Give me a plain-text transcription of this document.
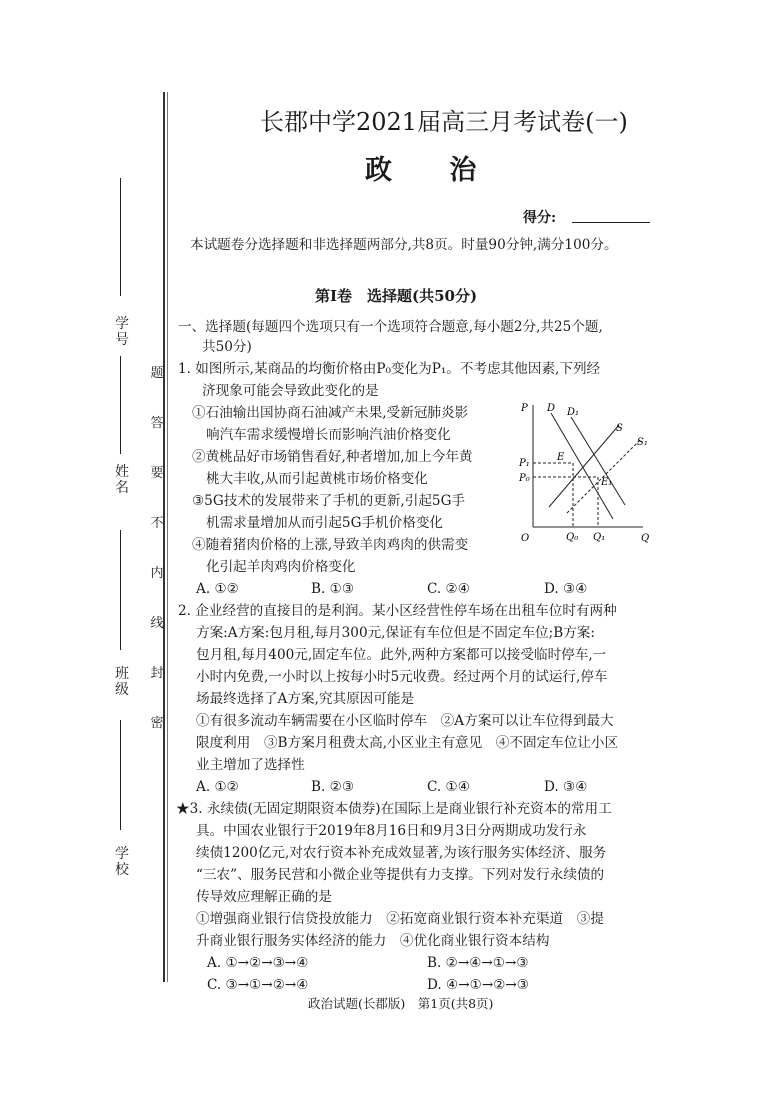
学　号
姓　名
班　级
学　校
题
答
要
不
内
线
封
密
长郡中学2021届高三月考试卷(一)
政 治
得分:
本试题卷分选择题和非选择题两部分,共8页。时量90分钟,满分100分。
第Ⅰ卷　选择题(共50分)
一、选择题(每题四个选项只有一个选项符合题意,每小题2分,共25个题,
共50分)
1. 如图所示,某商品的均衡价格由P₀变化为P₁。不考虑其他因素,下列经
济现象可能会导致此变化的是
①石油输出国协商石油减产未果,受新冠肺炎影
响汽车需求缓慢增长而影响汽油价格变化
②黄桃品好市场销售看好,种者增加,加上今年黄
桃大丰收,从而引起黄桃市场价格变化
③5G技术的发展带来了手机的更新,引起5G手
机需求量增加从而引起5G手机价格变化
④随着猪肉价格的上涨,导致羊肉鸡肉的供需变
化引起羊肉鸡肉价格变化
A. ①②	B. ①③	C. ②④	D. ③④
P
Q
O
D D₁
S
S₁
P₁
P₀
E
E₁
Q₀ Q₁
2. 企业经营的直接目的是利润。某小区经营性停车场在出租车位时有两种
方案:A方案:包月租,每月300元,保证有车位但是不固定车位;B方案:
包月租,每月400元,固定车位。此外,两种方案都可以接受临时停车,一
小时内免费,一小时以上按每小时5元收费。经过两个月的试运行,停车
场最终选择了A方案,究其原因可能是
①有很多流动车辆需要在小区临时停车　②A方案可以让车位得到最大
限度利用　③B方案月租费太高,小区业主有意见　④不固定车位让小区
业主增加了选择性
A. ①②	B. ②③	C. ①④	D. ③④
★3. 永续债(无固定期限资本债券)在国际上是商业银行补充资本的常用工
具。中国农业银行于2019年8月16日和9月3日分两期成功发行永
续债1200亿元,对农行资本补充成效显著,为该行服务实体经济、服务
“三农”、服务民营和小微企业等提供有力支撑。下列对发行永续债的
传导效应理解正确的是
①增强商业银行信贷投放能力　②拓宽商业银行资本补充渠道　③提
升商业银行服务实体经济的能力　④优化商业银行资本结构
A. ①→②→③→④	B. ②→④→①→③
C. ③→①→②→④	D. ④→①→②→③
政治试题(长郡版)　第1页(共8页)
